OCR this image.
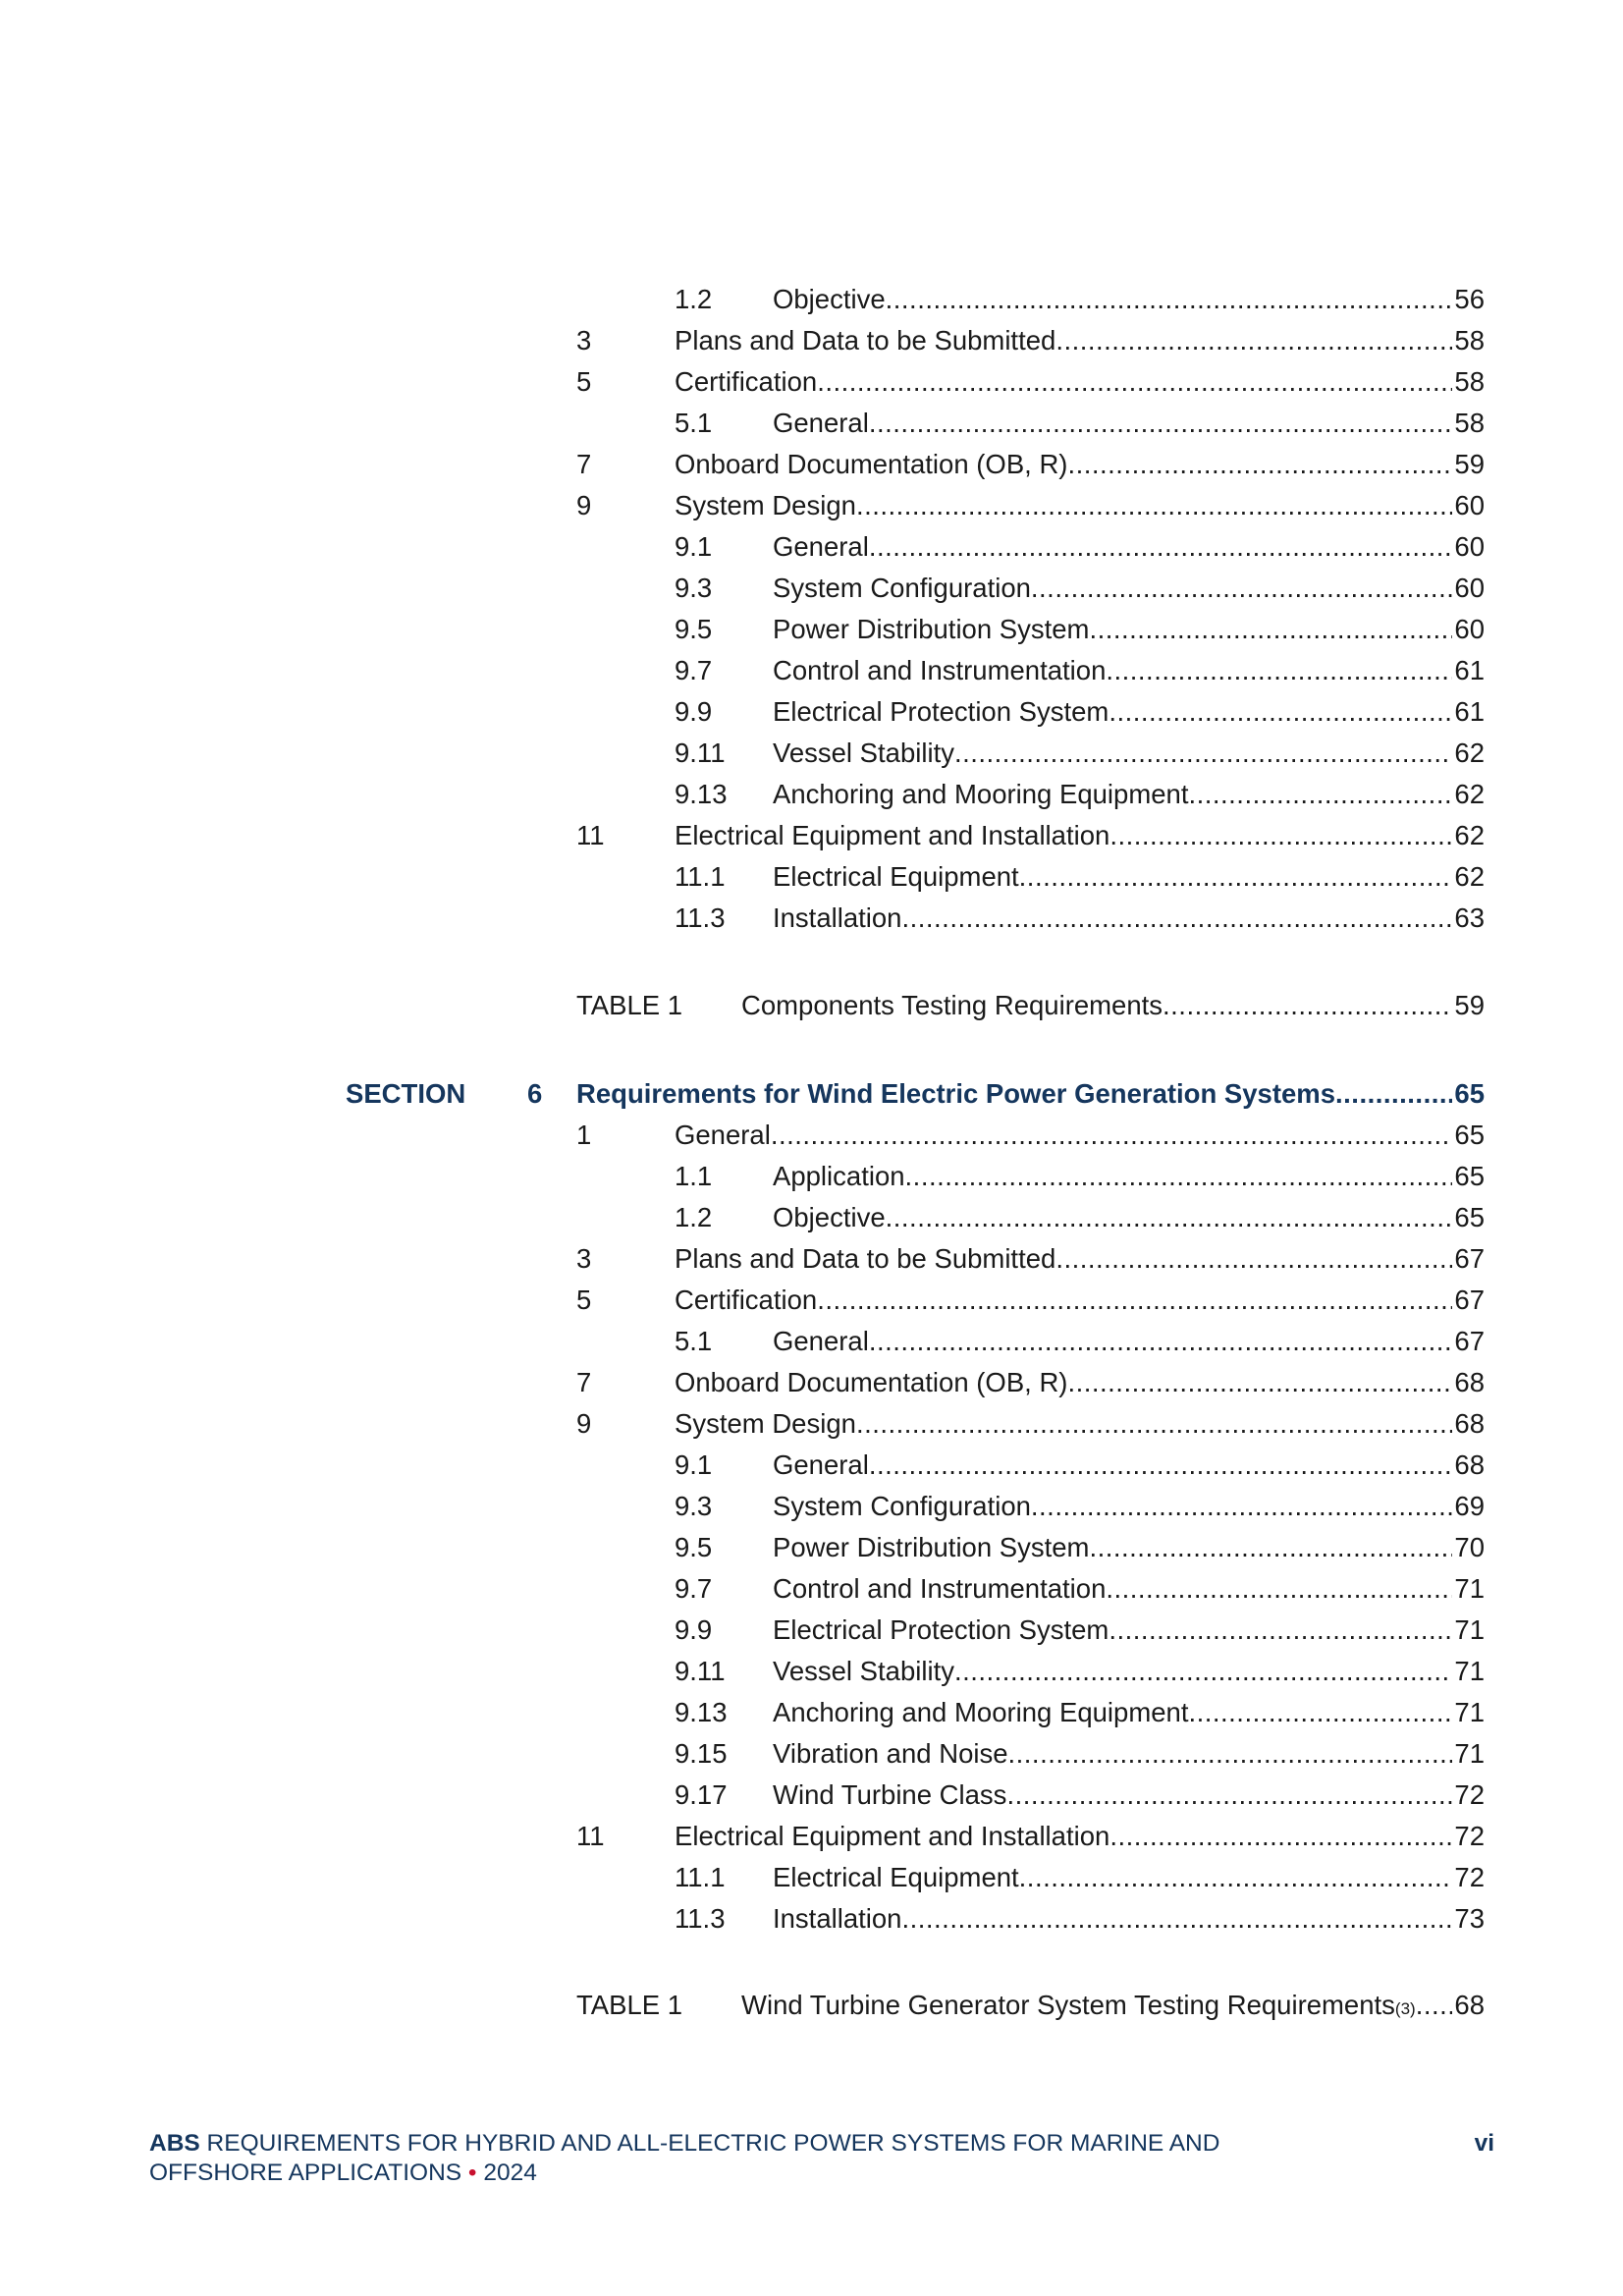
1.2 Objective .....	56
3	Plans and Data to be Submitted .....	58
5	Certification .....	58
5.1 General .....	58
7	Onboard Documentation (OB, R) .....	59
9	System Design .....	60
9.1 General .....	60
9.3 System Configuration .....	60
9.5 Power Distribution System .....	60
9.7 Control and Instrumentation .....	61
9.9 Electrical Protection System .....	61
9.11 Vessel Stability .....	62
9.13 Anchoring and Mooring Equipment .....	62
11	Electrical Equipment and Installation .....	62
11.1 Electrical Equipment .....	62
11.3 Installation .....	63
TABLE 1 Components Testing Requirements .....	59
SECTION 6 Requirements for Wind Electric Power Generation Systems .....	65
1	General .....	65
1.1 Application .....	65
1.2 Objective .....	65
3	Plans and Data to be Submitted .....	67
5	Certification .....	67
5.1 General .....	67
7	Onboard Documentation (OB, R) .....	68
9	System Design .....	68
9.1 General .....	68
9.3 System Configuration .....	69
9.5 Power Distribution System .....	70
9.7 Control and Instrumentation .....	71
9.9 Electrical Protection System .....	71
9.11 Vessel Stability .....	71
9.13 Anchoring and Mooring Equipment .....	71
9.15 Vibration and Noise .....	71
9.17 Wind Turbine Class .....	72
11	Electrical Equipment and Installation .....	72
11.1 Electrical Equipment .....	72
11.3 Installation .....	73
TABLE 1 Wind Turbine Generator System Testing Requirements (3) ..... 68
ABS REQUIREMENTS FOR HYBRID AND ALL-ELECTRIC POWER SYSTEMS FOR MARINE AND
OFFSHORE APPLICATIONS • 2024
vi
